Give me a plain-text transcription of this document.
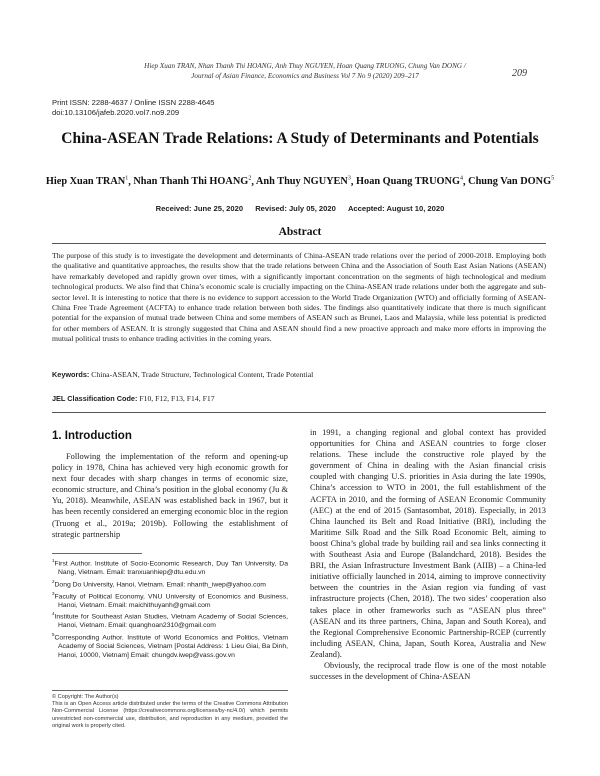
Hiep Xuan TRAN, Nhan Thanh Thi HOANG, Anh Thuy NGUYEN, Hoan Quang TRUONG, Chung Van DONG /
Journal of Asian Finance, Economics and Business Vol 7 No 9 (2020) 209–217	209
Print ISSN: 2288-4637 / Online ISSN 2288-4645
doi:10.13106/jafeb.2020.vol7.no9.209
China-ASEAN Trade Relations: A Study of Determinants and Potentials
Hiep Xuan TRAN$^1$, Nhan Thanh Thi HOANG$^2$, Anh Thuy NGUYEN$^3$, Hoan Quang TRUONG$^4$, Chung Van DONG$^5$
Received: June 25, 2020 Revised: July 05, 2020 Accepted: August 10, 2020
Abstract
The purpose of this study is to investigate the development and determinants of China-ASEAN trade relations over the period of 2000-2018. Employing both the qualitative and quantitative approaches, the results show that the trade relations between China and the Association of South East Asian Nations (ASEAN) have remarkably developed and rapidly grown over times, with a significantly important concentration on the segments of high technological and medium technological products. We also find that China’s economic scale is crucially impacting on the China-ASEAN trade relations under both the aggregate and sub-sector level. It is interesting to notice that there is no evidence to support accession to the World Trade Organization (WTO) and officially forming of ASEAN-China Free Trade Agreement (ACFTA) to enhance trade relation between both sides. The findings also quantitatively indicate that there is much significant potential for the expansion of mutual trade between China and some members of ASEAN such as Brunei, Laos and Malaysia, while less potential is predicted for other members of ASEAN. It is strongly suggested that China and ASEAN should find a new proactive approach and make more efforts in improving the mutual political trusts to enhance trading activities in the coming years.
Keywords: China-ASEAN, Trade Structure, Technological Content, Trade Potential
JEL Classification Code: F10, F12, F13, F14, F17
1. Introduction

Following the implementation of the reform and opening-up policy in 1978, China has achieved very high economic growth for next four decades with sharp changes in terms of economic size, economic structure, and China’s position in the global economy (Ju & Yu, 2018). Meanwhile, ASEAN was established back in 1967, but it has been recently considered an emerging economic bloc in the region (Truong et al., 2019a; 2019b). Following the establishment of strategic partnership

in 1991, a changing regional and global context has provided opportunities for China and ASEAN countries to forge closer relations. These include the constructive role played by the government of China in dealing with the Asian financial crisis coupled with changing U.S. priorities in Asia during the late 1990s, China’s accession to WTO in 2001, the full establishment of the ACFTA in 2010, and the forming of ASEAN Economic Community (AEC) at the end of 2015 (Santasombat, 2018). Especially, in 2013 China launched its Belt and Road Initiative (BRI), including the Maritime Silk Road and the Silk Road Economic Belt, aiming to boost China’s global trade by building rail and sea links connecting it with Southeast Asia and Europe (Balandchard, 2018). Besides the BRI, the Asian Infrastructure Investment Bank (AIIB) – a China-led initiative officially launched in 2014, aiming to improve connectivity between the countries in the Asian region via funding of vast infrastructure projects (Chen, 2018). The two sides’ cooperation also takes place in other frameworks such as “ASEAN plus three” (ASEAN and its three partners, China, Japan and South Korea), and the Regional Comprehensive Economic Partnership-RCEP (currently including ASEAN, China, Japan, South Korea, Australia and New Zealand).

Obviously, the reciprocal trade flow is one of the most notable successes in the development of China-ASEAN

$^1$First Author. Institute of Socio-Economic Research, Duy Tan University, Da Nang, Vietnam. Email: tranxuanhiep@dtu.edu.vn
$^2$Dong Do University, Hanoi, Vietnam. Email: nhanth_iwep@yahoo.com
$^3$Faculty of Political Economy, VNU University of Economics and Business, Hanoi, Vietnam. Email: maichithuyanh@gmail.com
$^4$Institute for Southeast Asian Studies, Vietnam Academy of Social Sciences, Hanoi, Vietnam. Email: quanghoan2310@gmail.com
$^5$Corresponding Author. Institute of World Economics and Politics, Vietnam Academy of Social Sciences, Vietnam [Postal Address: 1 Lieu Giai, Ba Dinh, Hanoi, 10000, Vietnam] Email: chungdv.iwep@vass.gov.vn
© Copyright: The Author(s)
This is an Open Access article distributed under the terms of the Creative Commons Attribution Non-Commercial License (https://creativecommons.org/licenses/by-nc/4.0/) which permits unrestricted non-commercial use, distribution, and reproduction in any medium, provided the original work is properly cited.
